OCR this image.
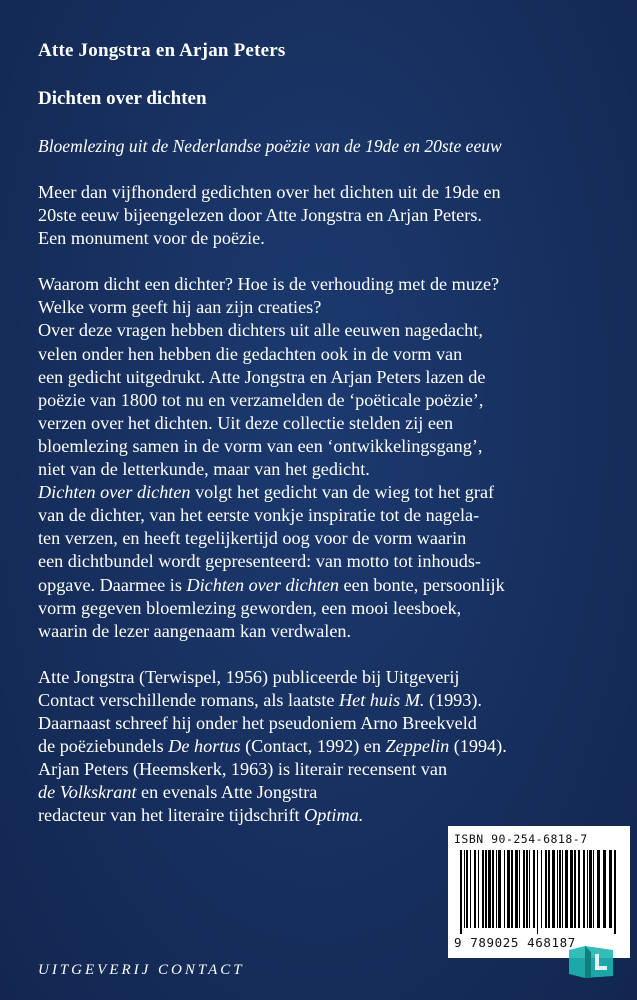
Atte Jongstra en Arjan Peters
Dichten over dichten
Bloemlezing uit de Nederlandse poëzie van de 19de en 20ste eeuw
Meer dan vijfhonderd gedichten over het dichten uit de 19de en
20ste eeuw bijeengelezen door Atte Jongstra en Arjan Peters.
Een monument voor de poëzie.
Waarom dicht een dichter? Hoe is de verhouding met de muze?
Welke vorm geeft hij aan zijn creaties?
Over deze vragen hebben dichters uit alle eeuwen nagedacht,
velen onder hen hebben die gedachten ook in de vorm van
een gedicht uitgedrukt. Atte Jongstra en Arjan Peters lazen de
poëzie van 1800 tot nu en verzamelden de ‘poëticale poëzie’,
verzen over het dichten. Uit deze collectie stelden zij een
bloemlezing samen in de vorm van een ‘ontwikkelingsgang’,
niet van de letterkunde, maar van het gedicht.
Dichten over dichten volgt het gedicht van de wieg tot het graf
van de dichter, van het eerste vonkje inspiratie tot de nagela-
ten verzen, en heeft tegelijkertijd oog voor de vorm waarin
een dichtbundel wordt gepresenteerd: van motto tot inhouds-
opgave. Daarmee is Dichten over dichten een bonte, persoonlijk
vorm gegeven bloemlezing geworden, een mooi leesboek,
waarin de lezer aangenaam kan verdwalen.
Atte Jongstra (Terwispel, 1956) publiceerde bij Uitgeverij
Contact verschillende romans, als laatste Het huis M. (1993).
Daarnaast schreef hij onder het pseudoniem Arno Breekveld
de poëziebundels De hortus (Contact, 1992) en Zeppelin (1994).
Arjan Peters (Heemskerk, 1963) is literair recensent van
de Volkskrant en evenals Atte Jongstra
redacteur van het literaire tijdschrift Optima.
ISBN 90-254-6818-7
9 789025 468187
UITGEVERIJ CONTACT
